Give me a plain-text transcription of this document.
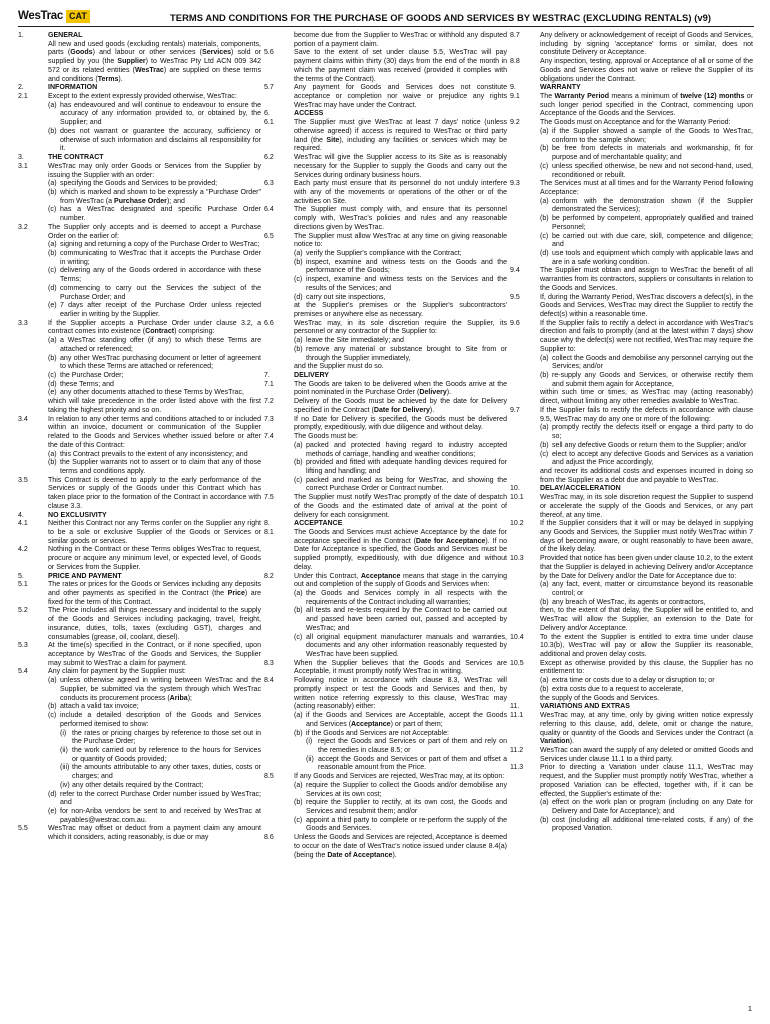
WesTrac CAT	TERMS AND CONDITIONS FOR THE PURCHASE OF GOODS AND SERVICES BY WESTRAC (EXCLUDING RENTALS) (v9)
1.	GENERAL
All new and used goods (excluding rentals) materials, components, parts (Goods) and labour or other services (Services) sold or supplied by you (the Supplier) to WesTrac Pty Ltd ACN 009 342 572 or its related entities (WesTrac) are supplied on these terms and conditions (Terms).
2.	INFORMATION
2.1	Except to the extent expressly provided otherwise, WesTrac:
(a) has endeavoured and will continue to endeavour to ensure the accuracy of any information provided to, or obtained by, the Supplier; and
(b) does not warrant or guarantee the accuracy, sufficiency or otherwise of such information and disclaims all responsibility for it.
3.	THE CONTRACT
3.1	WesTrac may only order Goods or Services from the Supplier by issuing the Supplier with an order:
(a) specifying the Goods and Services to be provided;
(b) which is marked and shown to be expressly a "Purchase Order" from WesTrac (a Purchase Order); and
(c) has a WesTrac designated and specific Purchase Order number.
3.2	The Supplier only accepts and is deemed to accept a Purchase Order on the earlier of:
(a) signing and returning a copy of the Purchase Order to WesTrac;
(b) communicating to WesTrac that it accepts the Purchase Order in writing;
(c) delivering any of the Goods ordered in accordance with these Terms;
(d) commencing to carry out the Services the subject of the Purchase Order; and
(e) 7 days after receipt of the Purchase Order unless rejected earlier in writing by the Supplier.
3.3	If the Supplier accepts a Purchase Order under clause 3.2, a contract comes into existence (Contract) comprising:
(a) a WesTrac standing offer (if any) to which these Terms are attached or referenced;
(b) any other WesTrac purchasing document or letter of agreement to which these Terms are attached or referenced;
(c) the Purchase Order;
(d) these Terms; and
(e) any other documents attached to these Terms by WesTrac,
which will take precedence in the order listed above with the first taking the highest priority and so on.
3.4	In relation to any other terms and conditions attached to or included within an invoice, document or communication of the Supplier related to the Goods and Services whether issued before or after the date of this Contract:
(a) this Contract prevails to the extent of any inconsistency; and
(b) the Supplier warrants not to assert or to claim that any of those terms and conditions apply.
3.5	This Contract is deemed to apply to the early performance of the Services or supply of the Goods under this Contract which has taken place prior to the formation of the Contract in accordance with clause 3.3.
4.	NO EXCLUSIVITY
4.1	Neither this Contract nor any Terms confer on the Supplier any right to be a sole or exclusive Supplier of the Goods or Services or similar goods or services.
4.2	Nothing in the Contract or these Terms obliges WesTrac to request, procure or acquire any minimum level, or expected level, of Goods or Services from the Supplier.
5.	PRICE AND PAYMENT
5.1	The rates or prices for the Goods or Services including any deposits and other payments as specified in the Contract (the Price) are fixed for the term of this Contract.
5.2	The Price includes all things necessary and incidental to the supply of the Goods and Services including packaging, travel, freight, insurance, duties, tolls, taxes (excluding GST), charges and consumables (grease, oil, coolant, diesel).
5.3	At the time(s) specified in the Contract, or if none specified, upon acceptance by WesTrac of the Goods and Services, the Supplier may submit to WesTrac a claim for payment.
5.4	Any claim for payment by the Supplier must:
(a) unless otherwise agreed in writing between WesTrac and the Supplier, be submitted via the system through which WesTrac conducts its procurement process (Ariba);
(b) attach a valid tax invoice;
(c) include a detailed description of the Goods and Services performed itemised to show:
(i) the rates or pricing charges by reference to those set out in the Purchase Order;
(ii) the work carried out by reference to the hours for Services or quantity of Goods provided;
(iii) the amounts attributable to any other taxes, duties, costs or charges; and
(iv) any other details required by the Contract;
(d) refer to the correct Purchase Order number issued by WesTrac; and
(e) for non-Ariba vendors be sent to and received by WesTrac at payables@westrac.com.au.
5.5	WesTrac may offset or deduct from a payment claim any amount which it considers, acting reasonably, is due or may
become due from the Supplier to WesTrac or withhold any disputed portion of a payment claim.
5.6	Save to the extent of set under clause 5.5, WesTrac will pay payment claims within thirty (30) days from the end of the month in which the payment claim was received (provided it complies with the terms of the Contract).
5.7	Any payment for Goods and Services does not constitute acceptance or completion nor waive or prejudice any rights WesTrac may have under the Contract.
6.	ACCESS
6.1	The Supplier must give WesTrac at least 7 days' notice (unless otherwise agreed) if access is required to WesTrac or third party land (the Site), including any facilities or services which may be required.
6.2	WesTrac will give the Supplier access to its Site as is reasonably necessary for the Supplier to supply the Goods and carry out the Services during ordinary business hours.
6.3	Each party must ensure that its personnel do not unduly interfere with any of the movements or operations of the other or of the activities on Site.
6.4	The Supplier must comply with, and ensure that its personnel comply with, WesTrac's policies and rules and any reasonable directions given by WesTrac.
6.5	The Supplier must allow WesTrac at any time on giving reasonable notice to:
(a) verify the Supplier's compliance with the Contract;
(b) inspect, examine and witness tests on the Goods and the performance of the Goods;
(c) inspect, examine and witness tests on the Services and the results of the Services; and
(d) carry out site inspections,
at the Supplier's premises or the Supplier's subcontractors' premises or anywhere else as necessary.
6.6	WesTrac may, in its sole discretion require the Supplier, its personnel or any contractor of the Supplier to:
(a) leave the Site immediately; and
(b) remove any material or substance brought to Site from or through the Supplier immediately,
and the Supplier must do so.
7.	DELIVERY
7.1	The Goods are taken to be delivered when the Goods arrive at the point nominated in the Purchase Order (Delivery).
7.2	Delivery of the Goods must be achieved by the date for Delivery specified in the Contract (Date for Delivery).
7.3	If no Date for Delivery is specified, the Goods must be delivered promptly, expeditiously, with due diligence and without delay.
7.4	The Goods must be:
(a) packed and protected having regard to industry accepted methods of carriage, handling and weather conditions;
(b) provided and fitted with adequate handling devices required for lifting and handling; and
(c) packed and marked as being for WesTrac, and showing the correct Purchase Order or Contract number.
7.5	The Supplier must notify WesTrac promptly of the date of despatch of the Goods and the estimated date of arrival at the point of delivery for each consignment.
8.	ACCEPTANCE
8.1	The Goods and Services must achieve Acceptance by the date for acceptance specified in the Contract (Date for Acceptance). If no Date for Acceptance is specified, the Goods and Services must be supplied promptly, expeditiously, with due diligence and without delay.
8.2	Under this Contract, Acceptance means that stage in the carrying out and completion of the supply of Goods and Services when:
(a) the Goods and Services comply in all respects with the requirements of the Contract including all warranties;
(b) all tests and re-tests required by the Contract to be carried out and passed have been carried out, passed and accepted by WesTrac; and
(c) all original equipment manufacturer manuals and warranties, documents and any other information reasonably requested by WesTrac have been supplied.
8.3	When the Supplier believes that the Goods and Services are Acceptable, it must promptly notify WesTrac in writing.
8.4	Following notice in accordance with clause 8.3, WesTrac will promptly inspect or test the Goods and Services and then, by written notice referring expressly to this clause, WesTrac may (acting reasonably) either:
(a) if the Goods and Services are Acceptable, accept the Goods and Services (Acceptance) or part of them;
(b) if the Goods and Services are not Acceptable:
(i) reject the Goods and Services or part of them and rely on the remedies in clause 8.5; or
(ii) accept the Goods and Services or part of them and offset a reasonable amount from the Price.
8.5	If any Goods and Services are rejected, WesTrac may, at its option:
(a) require the Supplier to collect the Goods and/or demobilise any Services at its own cost;
(b) require the Supplier to rectify, at its own cost, the Goods and Services and resubmit them; and/or
(c) appoint a third party to complete or re-perform the supply of the Goods and Services.
8.6	Unless the Goods and Services are rejected, Acceptance is deemed to occur on the date of WesTrac's notice issued under clause 8.4(a) (being the Date of Acceptance).
8.7	Any delivery or acknowledgement of receipt of Goods and Services, including by signing 'acceptance' forms or similar, does not constitute Delivery or Acceptance.
8.8	Any inspection, testing, approval or Acceptance of all or some of the Goods and Services does not waive or relieve the Supplier of its obligations under the Contract.
9.	WARRANTY
9.1	The Warranty Period means a minimum of twelve (12) months or such longer period specified in the Contract, commencing upon Acceptance of the Goods and the Services.
9.2	The Goods must on Acceptance and for the Warranty Period:
(a) if the Supplier showed a sample of the Goods to WesTrac, conform to the sample shown;
(b) be free from defects in materials and workmanship, fit for purpose and of merchantable quality; and
(c) unless specified otherwise, be new and not second-hand, used, reconditioned or rebuilt.
9.3	The Services must at all times and for the Warranty Period following Acceptance:
(a) conform with the demonstration shown (if the Supplier demonstrated the Services);
(b) be performed by competent, appropriately qualified and trained Personnel;
(c) be carried out with due care, skill, competence and diligence; and
(d) use tools and equipment which comply with applicable laws and are in a safe working condition.
9.4	The Supplier must obtain and assign to WesTrac the benefit of all warranties from its contractors, suppliers or consultants in relation to the Goods and Services.
9.5	If, during the Warranty Period, WesTrac discovers a defect(s), in the Goods and Services, WesTrac may direct the Supplier to rectify the defect(s) within a reasonable time.
9.6	If the Supplier fails to rectify a defect in accordance with WesTrac's direction and fails to promptly (and at the latest within 7 days) show cause why the defect(s) were not rectified, WesTrac may require the Supplier to:
(a) collect the Goods and demobilise any personnel carrying out the Services; and/or
(b) re-supply any Goods and Services, or otherwise rectify them and submit them again for Acceptance,
within such time or times, as WesTrac may (acting reasonably) direct, without limiting any other remedies available to WesTrac.
9.7	If the Supplier fails to rectify the defects in accordance with clause 9.5, WesTrac may do any one or more of the following:
(a) promptly rectify the defects itself or engage a third party to do so;
(b) sell any defective Goods or return them to the Supplier; and/or
(c) elect to accept any defective Goods and Services as a variation and adjust the Price accordingly,
and recover its additional costs and expenses incurred in doing so from the Supplier as a debt due and payable to WesTrac.
10.	DELAY/ACCELERATION
10.1 WesTrac may, in its sole discretion request the Supplier to suspend or accelerate the supply of the Goods and Services, or any part thereof, at any time.
10.2 If the Supplier considers that it will or may be delayed in supplying any Goods and Services, the Supplier must notify WesTrac within 7 days of becoming aware, or ought reasonably to have been aware, of the likely delay.
10.3 Provided that notice has been given under clause 10.2, to the extent that the Supplier is delayed in achieving Delivery and/or Acceptance by the Date for Delivery and/or the Date for Acceptance due to:
(a) any fact, event, matter or circumstance beyond its reasonable control; or
(b) any breach of WesTrac, its agents or contractors,
then, to the extent of that delay, the Supplier will be entitled to, and WesTrac will allow the Supplier, an extension to the Date for Delivery and/or Acceptance.
10.4 To the extent the Supplier is entitled to extra time under clause 10.3(b), WesTrac will pay or allow the Supplier its reasonable, additional and proven delay costs.
10.5 Except as otherwise provided by this clause, the Supplier has no entitlement to:
(a) extra time or costs due to a delay or disruption to; or
(b) extra costs due to a request to accelerate,
the supply of the Goods and Services.
11.	VARIATIONS AND EXTRAS
11.1 WesTrac may, at any time, only by giving written notice expressly referring to this clause, add, delete, omit or change the nature, quality or quantity of the Goods and Services under the Contract (a Variation).
11.2 WesTrac can award the supply of any deleted or omitted Goods and Services under clause 11.1 to a third party.
11.3 Prior to directing a Variation under clause 11.1, WesTrac may request, and the Supplier must promptly notify WesTrac, whether a proposed Variation can be effected, together with, if it can be effected, the Supplier's estimate of the:
(a) effect on the work plan or program (including on any Date for Delivery and Date for Acceptance); and
(b) cost (including all additional time-related costs, if any) of the proposed Variation.
1
